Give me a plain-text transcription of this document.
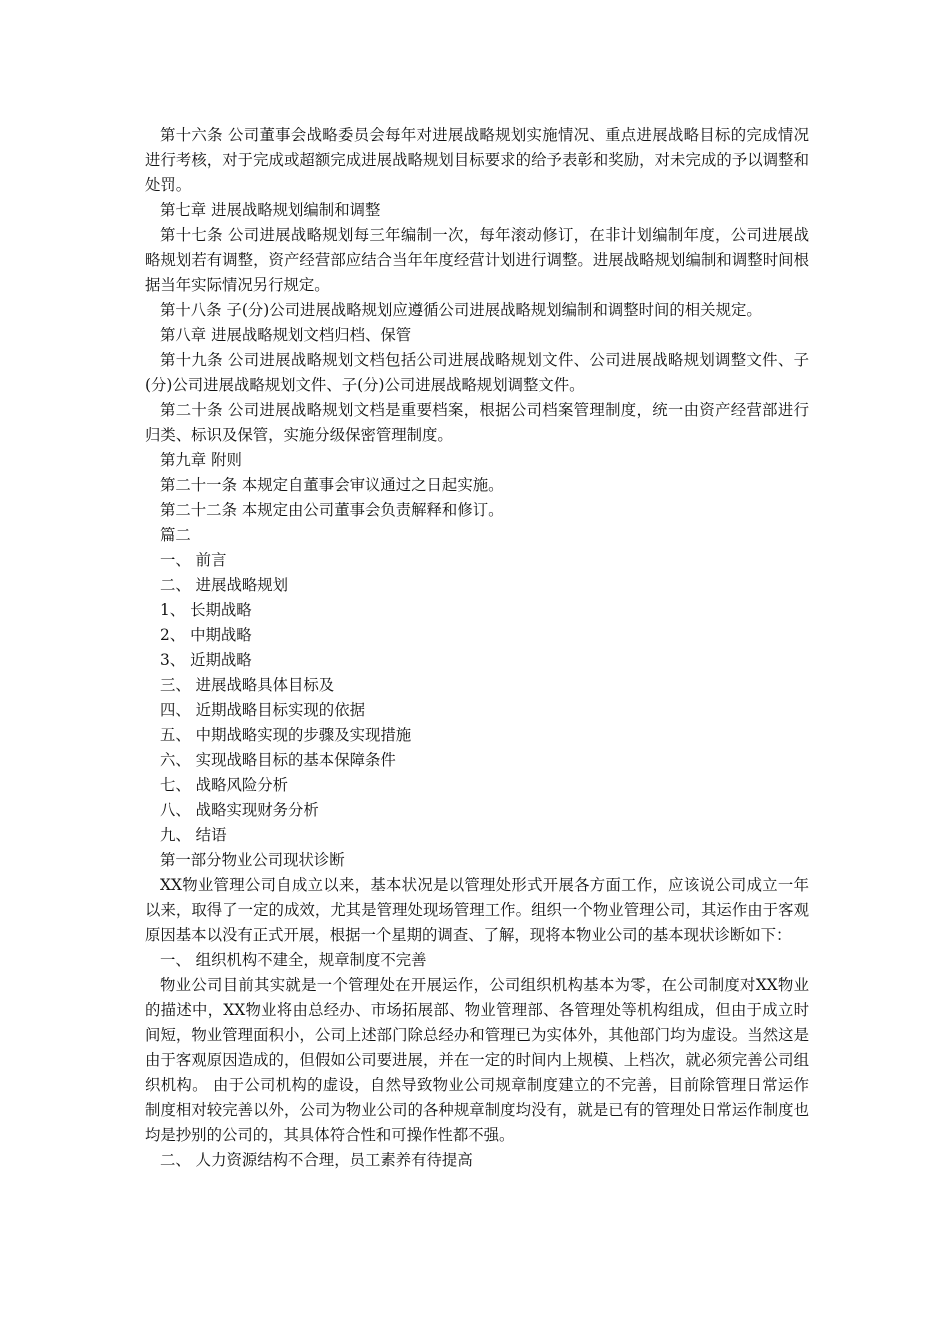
第十六条 公司董事会战略委员会每年对进展战略规划实施情况、重点进展战略目标的完成情况进行考核，对于完成或超额完成进展战略规划目标要求的给予表彰和奖励，对未完成的予以调整和处罚。

第七章 进展战略规划编制和调整

第十七条 公司进展战略规划每三年编制一次，每年滚动修订，在非计划编制年度，公司进展战略规划若有调整，资产经营部应结合当年年度经营计划进行调整。进展战略规划编制和调整时间根据当年实际情况另行规定。

第十八条 子(分)公司进展战略规划应遵循公司进展战略规划编制和调整时间的相关规定。

第八章 进展战略规划文档归档、保管

第十九条 公司进展战略规划文档包括公司进展战略规划文件、公司进展战略规划调整文件、子(分)公司进展战略规划文件、子(分)公司进展战略规划调整文件。

第二十条 公司进展战略规划文档是重要档案，根据公司档案管理制度，统一由资产经营部进行归类、标识及保管，实施分级保密管理制度。

第九章 附则

第二十一条 本规定自董事会审议通过之日起实施。

第二十二条 本规定由公司董事会负责解释和修订。

篇二

一、 前言

二、 进展战略规划

1、 长期战略

2、 中期战略

3、 近期战略

三、 进展战略具体目标及

四、 近期战略目标实现的依据

五、 中期战略实现的步骤及实现措施

六、 实现战略目标的基本保障条件

七、 战略风险分析

八、 战略实现财务分析

九、 结语

第一部分物业公司现状诊断

XX物业管理公司自成立以来，基本状况是以管理处形式开展各方面工作，应该说公司成立一年以来，取得了一定的成效，尤其是管理处现场管理工作。组织一个物业管理公司，其运作由于客观原因基本以没有正式开展，根据一个星期的调查、了解，现将本物业公司的基本现状诊断如下：

一、 组织机构不建全，规章制度不完善

物业公司目前其实就是一个管理处在开展运作，公司组织机构基本为零，在公司制度对XX物业的描述中，XX物业将由总经办、市场拓展部、物业管理部、各管理处等机构组成，但由于成立时间短，物业管理面积小，公司上述部门除总经办和管理已为实体外，其他部门均为虚设。当然这是由于客观原因造成的，但假如公司要进展，并在一定的时间内上规模、上档次，就必须完善公司组织机构。 由于公司机构的虚设，自然导致物业公司规章制度建立的不完善，目前除管理日常运作制度相对较完善以外，公司为物业公司的各种规章制度均没有，就是已有的管理处日常运作制度也均是抄别的公司的，其具体符合性和可操作性都不强。

二、 人力资源结构不合理，员工素养有待提高
